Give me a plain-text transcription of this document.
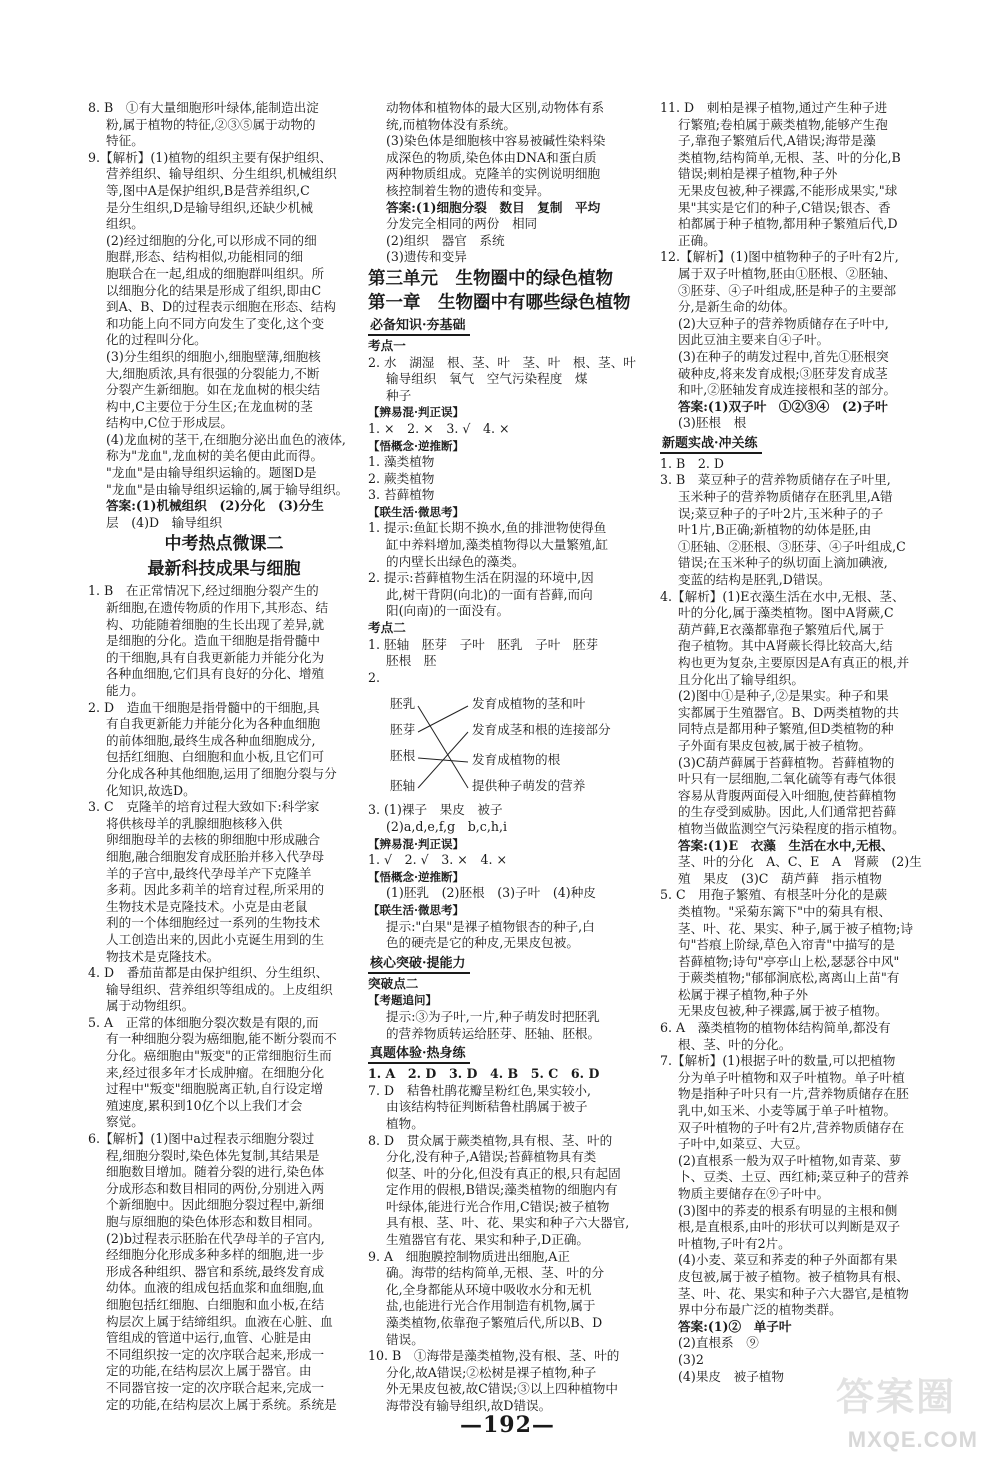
8. B　①有大量细胞形叶绿体,能制造出淀

粉,属于植物的特征,②③⑤属于动物的

特征。

9.【解析】(1)植物的组织主要有保护组织、

营养组织、输导组织、分生组织,机械组织

等,图中A是保护组织,B是营养组织,C

是分生组织,D是输导组织,还缺少机械

组织。

(2)经过细胞的分化,可以形成不同的细

胞群,形态、结构相似,功能相同的细

胞联合在一起,组成的细胞群叫组织。所

以细胞分化的结果是形成了组织,即由C

到A、B、D的过程表示细胞在形态、结构

和功能上向不同方向发生了变化,这个变

化的过程叫分化。

(3)分生组织的细胞小,细胞壁薄,细胞核

大,细胞质浓,具有很强的分裂能力,不断

分裂产生新细胞。如在龙血树的根尖结

构中,C主要位于分生区;在龙血树的茎

结构中,C位于形成层。

(4)龙血树的茎干,在细胞分泌出血色的液体,

称为"龙血",龙血树的美名便由此而得。

"龙血"是由输导组织运输的。题图D是

"龙血"是由输导组织运输的,属于输导组织。

答案:(1)机械组织　(2)分化　(3)分生

层　(4)D　输导组织

中考热点微课二

最新科技成果与细胞

1. B　在正常情况下,经过细胞分裂产生的

新细胞,在遗传物质的作用下,其形态、结

构、功能随着细胞的生长出现了差异,就

是细胞的分化。造血干细胞是指骨髓中

的干细胞,具有自我更新能力并能分化为

各种血细胞,它们具有良好的分化、增殖

能力。

2. D　造血干细胞是指骨髓中的干细胞,具

有自我更新能力并能分化为各种血细胞

的前体细胞,最终生成各种血细胞成分,

包括红细胞、白细胞和血小板,且它们可

分化成各种其他细胞,运用了细胞分裂与分

化知识,故选D。

3. C　克隆羊的培育过程大致如下:科学家

将供核母羊的乳腺细胞核移入供

卵细胞母羊的去核的卵细胞中形成融合

细胞,融合细胞发育成胚胎并移入代孕母

羊的子宫中,最终代孕母羊产下克隆羊

多莉。因此多莉羊的培育过程,所采用的

生物技术是克隆技术。小克是由老鼠

利的一个体细胞经过一系列的生物技术

人工创造出来的,因此小克诞生用到的生

物技术是克隆技术。

4. D　番茄苗都是由保护组织、分生组织、

输导组织、营养组织等组成的。上皮组织

属于动物组织。

5. A　正常的体细胞分裂次数是有限的,而

有一种细胞分裂为癌细胞,能不断分裂而不

分化。癌细胞由"叛变"的正常细胞衍生而

来,经过很多年才长成肿瘤。在细胞分化

过程中"叛变"细胞脱离正轨,自行设定增

殖速度,累积到10亿个以上我们才会

察觉。

6.【解析】(1)图中a过程表示细胞分裂过

程,细胞分裂时,染色体先复制,其结果是

细胞数目增加。随着分裂的进行,染色体

分成形态和数目相同的两份,分别进入两

个新细胞中。因此细胞分裂过程中,新细

胞与原细胞的染色体形态和数目相同。

(2)b过程表示胚胎在代孕母羊的子宫内,

经细胞分化形成多种多样的细胞,进一步

形成各种组织、器官和系统,最终发育成

幼体。血液的组成包括血浆和血细胞,血

细胞包括红细胞、白细胞和血小板,在结

构层次上属于结缔组织。血液在心脏、血

管组成的管道中运行,血管、心脏是由

不同组织按一定的次序联合起来,形成一

定的功能,在结构层次上属于器官。由

不同器官按一定的次序联合起来,完成一

定的功能,在结构层次上属于系统。系统是

动物体和植物体的最大区别,动物体有系

统,而植物体没有系统。

(3)染色体是细胞核中容易被碱性染料染

成深色的物质,染色体由DNA和蛋白质

两种物质组成。克隆羊的实例说明细胞

核控制着生物的遗传和变异。

答案:(1)细胞分裂　数目　复制　平均

分发完全相同的两份　相同

(2)组织　器官　系统

(3)遗传和变异

第三单元　生物圈中的绿色植物
第一章　生物圈中有哪些绿色植物
必备知识·夯基础

考点一

2. 水　湖湿　根、茎、叶　茎、叶　根、茎、叶

输导组织　氧气　空气污染程度　煤

种子

【辨易混·判正误】

1. ×　2. ×　3. √　4. ×

【悟概念·逆推断】

1. 藻类植物

2. 蕨类植物

3. 苔藓植物

【联生活·微思考】

1. 提示:鱼缸长期不换水,鱼的排泄物使得鱼

缸中养料增加,藻类植物得以大量繁殖,缸

的内壁长出绿色的藻类。

2. 提示:苔藓植物生活在阴湿的环境中,因

此,树干背阴(向北)的一面有苔藓,而向

阳(向南)的一面没有。

考点二

1. 胚轴　胚芽　子叶　胚乳　子叶　胚芽

胚根　胚

2.

胚乳
胚芽
胚根
胚轴
发育成植物的茎和叶
发育成茎和根的连接部分
发育成植物的根
提供种子萌发的营养

3. (1)裸子　果皮　被子

(2)a,d,e,f,g　b,c,h,i

【辨易混·判正误】

1. √　2. √　3. ×　4. ×

【悟概念·逆推断】

(1)胚乳　(2)胚根　(3)子叶　(4)种皮

【联生活·微思考】

提示:"白果"是裸子植物银杏的种子,白

色的硬壳是它的种皮,无果皮包被。

核心突破·提能力

突破点二

【考题追问】

提示:③为子叶,一片,种子萌发时把胚乳

的营养物质转运给胚芽、胚轴、胚根。

真题体验·热身练

1. A　2. D　3. D　4. B　5. C　6. D

7. D　秸鲁杜鹃花瓣呈粉红色,果实较小,

由该结构特征判断秸鲁杜鹃属于被子

植物。

8. D　贯众属于蕨类植物,具有根、茎、叶的

分化,没有种子,A错误;苔藓植物具有类

似茎、叶的分化,但没有真正的根,只有起固

定作用的假根,B错误;藻类植物的细胞内有

叶绿体,能进行光合作用,C错误;被子植物

具有根、茎、叶、花、果实和种子六大器官,

生殖器官有花、果实和种子,D正确。

9. A　细胞膜控制物质进出细胞,A正

确。海带的结构简单,无根、茎、叶的分

化,全身都能从环境中吸收水分和无机

盐,也能进行光合作用制造有机物,属于

藻类植物,依靠孢子繁殖后代,所以B、D

错误。

10. B　①海带是藻类植物,没有根、茎、叶的

分化,故A错误;②松树是裸子植物,种子

外无果皮包被,故C错误;③以上四种植物中

海带没有输导组织,故D错误。

11. D　刺柏是裸子植物,通过产生种子进

行繁殖;卷柏属于蕨类植物,能够产生孢

子,靠孢子繁殖后代,A错误;海带是藻

类植物,结构简单,无根、茎、叶的分化,B

错误;刺柏是裸子植物,种子外

无果皮包被,种子裸露,不能形成果实,"球

果"其实是它们的种子,C错误;银杏、香

柏都属于种子植物,都用种子繁殖后代,D

正确。

12.【解析】(1)图中植物种子的子叶有2片,

属于双子叶植物,胚由①胚根、②胚轴、

③胚芽、④子叶组成,胚是种子的主要部

分,是新生命的幼体。

(2)大豆种子的营养物质储存在子叶中,

因此豆油主要来自④子叶。

(3)在种子的萌发过程中,首先①胚根突

破种皮,将来发育成根;③胚芽发育成茎

和叶,②胚轴发育成连接根和茎的部分。

答案:(1)双子叶　①②③④　(2)子叶

(3)胚根　根

新题实战·冲关练

1. B　2. D

3. B　菜豆种子的营养物质储存在子叶里,

玉米种子的营养物质储存在胚乳里,A错

误;菜豆种子的子叶2片,玉米种子的子

叶1片,B正确;新植物的幼体是胚,由

①胚轴、②胚根、③胚芽、④子叶组成,C

错误;在玉米种子的纵切面上滴加碘液,

变蓝的结构是胚乳,D错误。

4.【解析】(1)E衣藻生活在水中,无根、茎、

叶的分化,属于藻类植物。图中A肾蕨,C

葫芦藓,E衣藻都靠孢子繁殖后代,属于

孢子植物。其中A肾蕨长得比较高大,结

构也更为复杂,主要原因是A有真正的根,并

且分化出了输导组织。

(2)图中①是种子,②是果实。种子和果

实都属于生殖器官。B、D两类植物的共

同特点是都用种子繁殖,但D类植物的种

子外面有果皮包被,属于被子植物。

(3)C葫芦藓属于苔藓植物。苔藓植物的

叶只有一层细胞,二氧化硫等有毒气体很

容易从背腹两面侵入叶细胞,使苔藓植物

的生存受到威胁。因此,人们通常把苔藓

植物当做监测空气污染程度的指示植物。

答案:(1)E　衣藻　生活在水中,无根、

茎、叶的分化　A、C、E　A　肾蕨　(2)生

殖　果皮　(3)C　葫芦藓　指示植物

5. C　用孢子繁殖、有根茎叶分化的是蕨

类植物。"采菊东篱下"中的菊具有根、

茎、叶、花、果实、种子,属于被子植物;诗

句"苔痕上阶绿,草色入帘青"中描写的是

苔藓植物;诗句"亭亭山上松,瑟瑟谷中风"

于蕨类植物;"郁郁涧底松,离离山上苗"有

松属于裸子植物,种子外

无果皮包被,种子裸露,属于被子植物。

6. A　藻类植物的植物体结构简单,都没有

根、茎、叶的分化。

7.【解析】(1)根据子叶的数量,可以把植物

分为单子叶植物和双子叶植物。单子叶植

物是指种子叶只有一片,营养物质储存在胚

乳中,如玉米、小麦等属于单子叶植物。

双子叶植物的子叶有2片,营养物质储存在

子叶中,如菜豆、大豆。

(2)直根系一般为双子叶植物,如青菜、萝

卜、豆类、土豆、西红柿;菜豆种子的营养

物质主要储存在⑨子叶中。

(3)图中的荞麦的根系有明显的主根和侧

根,是直根系,由叶的形状可以判断是双子

叶植物,子叶有2片。

(4)小麦、菜豆和荞麦的种子外面都有果

皮包被,属于被子植物。被子植物具有根、

茎、叶、花、果实和种子六大器官,是植物

界中分布最广泛的植物类群。

答案:(1)②　单子叶

(2)直根系　⑨

(3)2

(4)果皮　被子植物

—192—
答案圈
MXQE.COM
